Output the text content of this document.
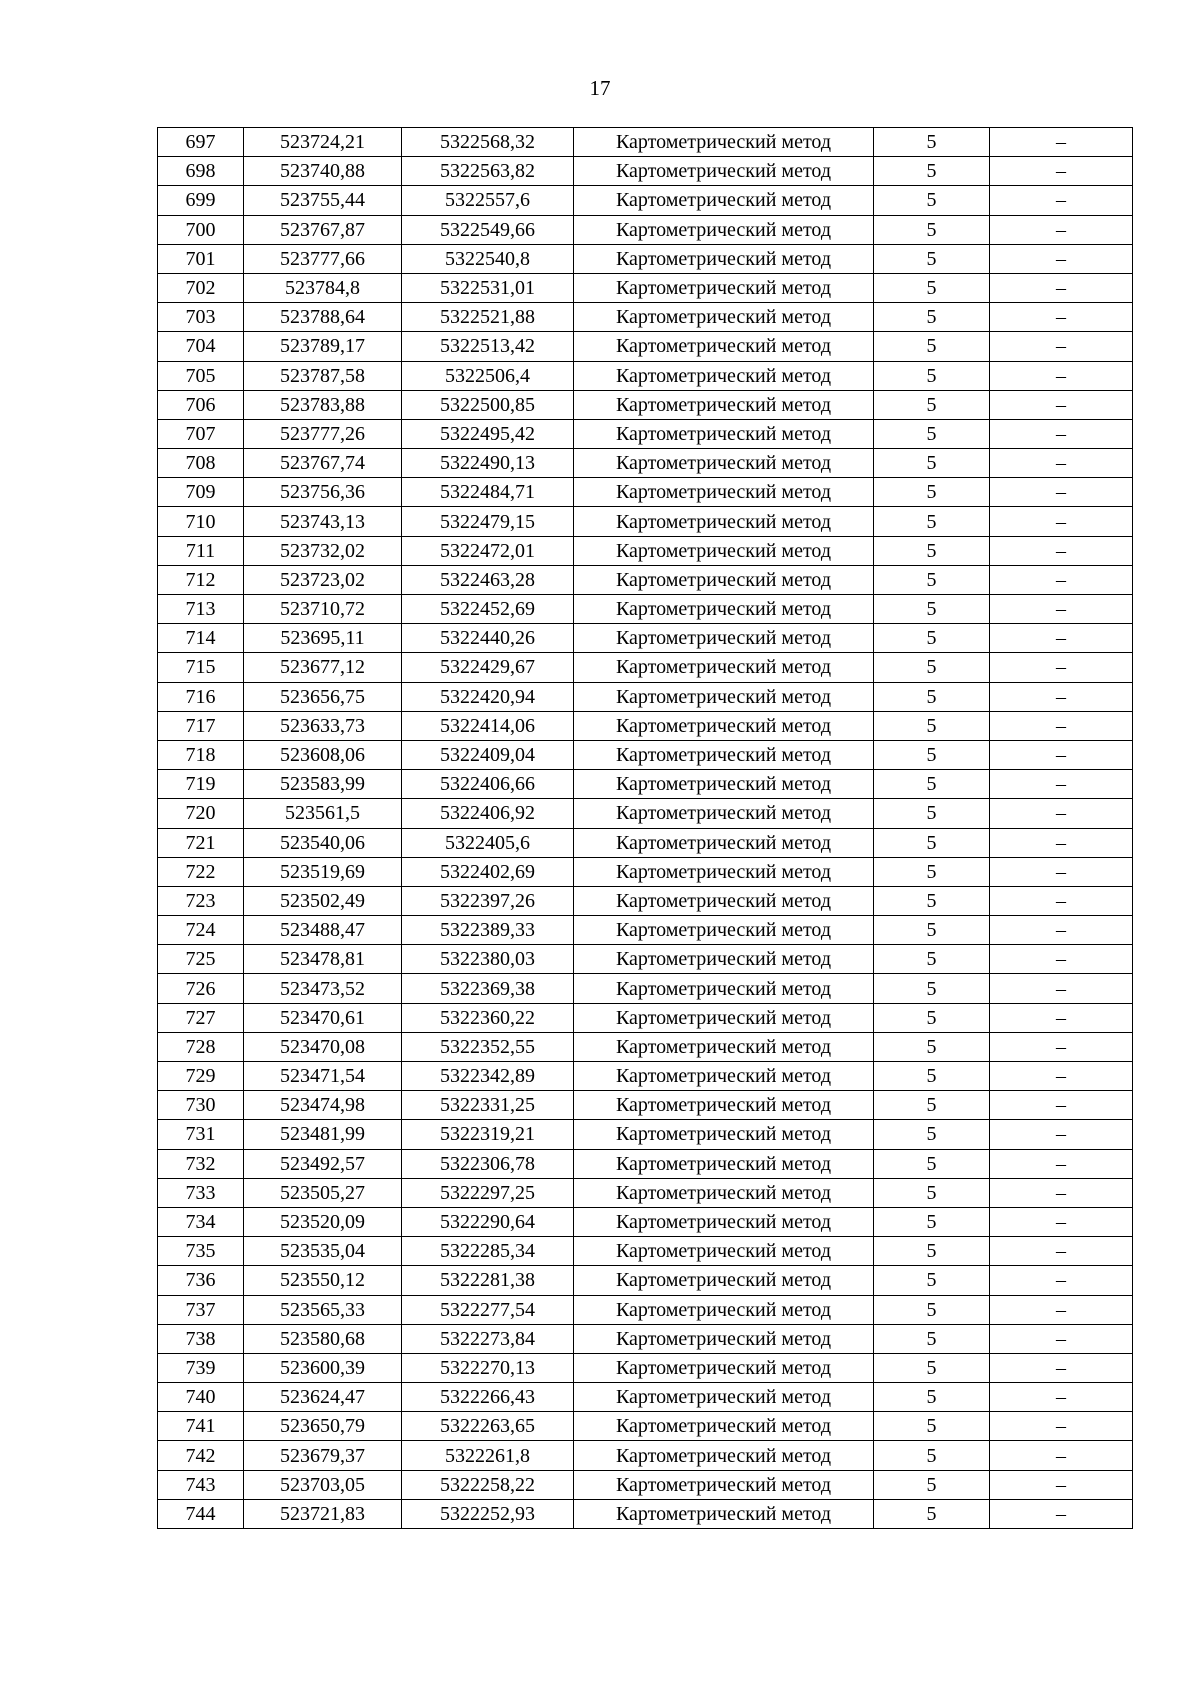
17
697	523724,21	5322568,32	Картометрический метод	5	–
698	523740,88	5322563,82	Картометрический метод	5	–
699	523755,44	5322557,6	Картометрический метод	5	–
700	523767,87	5322549,66	Картометрический метод	5	–
701	523777,66	5322540,8	Картометрический метод	5	–
702	523784,8	5322531,01	Картометрический метод	5	–
703	523788,64	5322521,88	Картометрический метод	5	–
704	523789,17	5322513,42	Картометрический метод	5	–
705	523787,58	5322506,4	Картометрический метод	5	–
706	523783,88	5322500,85	Картометрический метод	5	–
707	523777,26	5322495,42	Картометрический метод	5	–
708	523767,74	5322490,13	Картометрический метод	5	–
709	523756,36	5322484,71	Картометрический метод	5	–
710	523743,13	5322479,15	Картометрический метод	5	–
711	523732,02	5322472,01	Картометрический метод	5	–
712	523723,02	5322463,28	Картометрический метод	5	–
713	523710,72	5322452,69	Картометрический метод	5	–
714	523695,11	5322440,26	Картометрический метод	5	–
715	523677,12	5322429,67	Картометрический метод	5	–
716	523656,75	5322420,94	Картометрический метод	5	–
717	523633,73	5322414,06	Картометрический метод	5	–
718	523608,06	5322409,04	Картометрический метод	5	–
719	523583,99	5322406,66	Картометрический метод	5	–
720	523561,5	5322406,92	Картометрический метод	5	–
721	523540,06	5322405,6	Картометрический метод	5	–
722	523519,69	5322402,69	Картометрический метод	5	–
723	523502,49	5322397,26	Картометрический метод	5	–
724	523488,47	5322389,33	Картометрический метод	5	–
725	523478,81	5322380,03	Картометрический метод	5	–
726	523473,52	5322369,38	Картометрический метод	5	–
727	523470,61	5322360,22	Картометрический метод	5	–
728	523470,08	5322352,55	Картометрический метод	5	–
729	523471,54	5322342,89	Картометрический метод	5	–
730	523474,98	5322331,25	Картометрический метод	5	–
731	523481,99	5322319,21	Картометрический метод	5	–
732	523492,57	5322306,78	Картометрический метод	5	–
733	523505,27	5322297,25	Картометрический метод	5	–
734	523520,09	5322290,64	Картометрический метод	5	–
735	523535,04	5322285,34	Картометрический метод	5	–
736	523550,12	5322281,38	Картометрический метод	5	–
737	523565,33	5322277,54	Картометрический метод	5	–
738	523580,68	5322273,84	Картометрический метод	5	–
739	523600,39	5322270,13	Картометрический метод	5	–
740	523624,47	5322266,43	Картометрический метод	5	–
741	523650,79	5322263,65	Картометрический метод	5	–
742	523679,37	5322261,8	Картометрический метод	5	–
743	523703,05	5322258,22	Картометрический метод	5	–
744	523721,83	5322252,93	Картометрический метод	5	–
